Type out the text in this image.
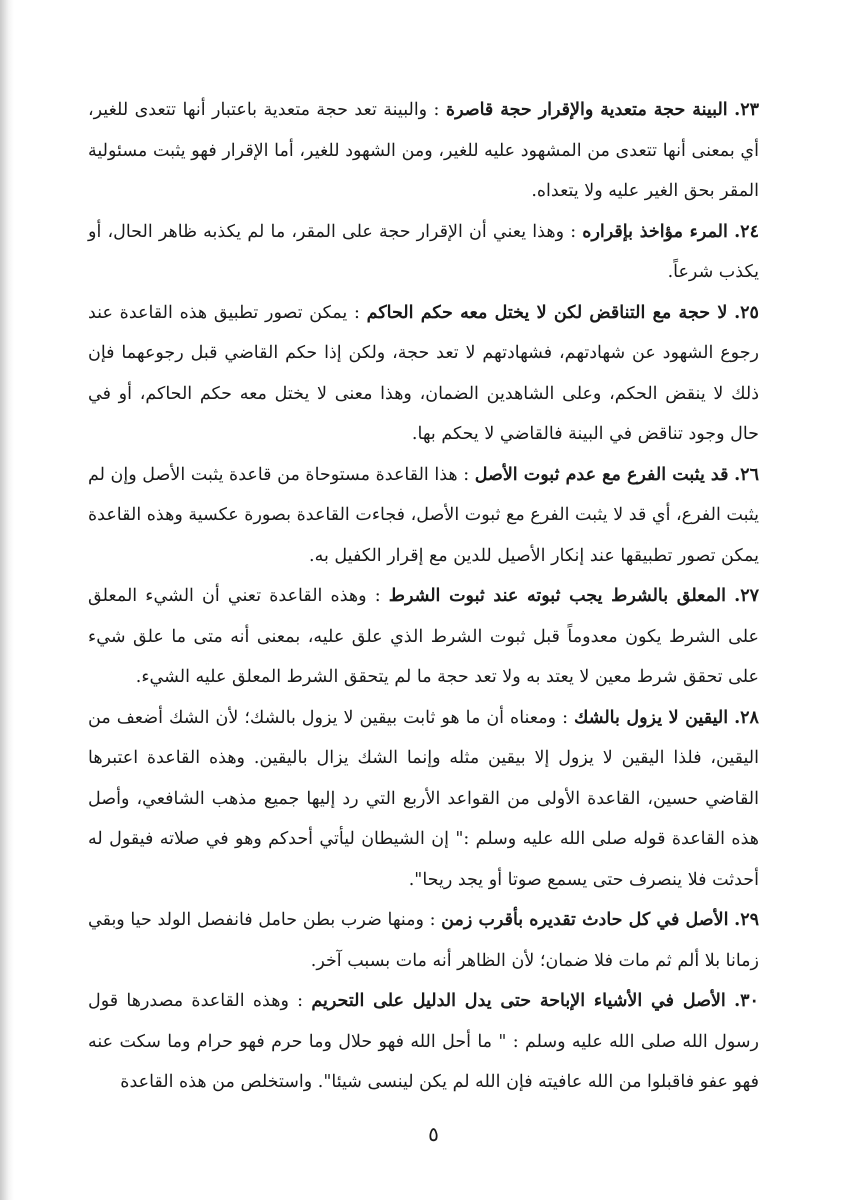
٢٣. البينة حجة متعدية والإقرار حجة قاصرة : والبينة تعد حجة متعدية باعتبار أنها تتعدى للغير، أي بمعنى أنها تتعدى من المشهود عليه للغير، ومن الشهود للغير، أما الإقرار فهو يثبت مسئولية المقر بحق الغير عليه ولا يتعداه.

٢٤. المرء مؤاخذ بإقراره : وهذا يعني أن الإقرار حجة على المقر، ما لم يكذبه ظاهر الحال، أو يكذب شرعاً.

٢٥. لا حجة مع التناقض لكن لا يختل معه حكم الحاكم : يمكن تصور تطبيق هذه القاعدة عند رجوع الشهود عن شهادتهم، فشهادتهم لا تعد حجة، ولكن إذا حكم القاضي قبل رجوعهما فإن ذلك لا ينقض الحكم، وعلى الشاهدين الضمان، وهذا معنى لا يختل معه حكم الحاكم، أو في حال وجود تناقض في البينة فالقاضي لا يحكم بها.

٢٦. قد يثبت الفرع مع عدم ثبوت الأصل : هذا القاعدة مستوحاة من قاعدة يثبت الأصل وإن لم يثبت الفرع، أي قد لا يثبت الفرع مع ثبوت الأصل، فجاءت القاعدة بصورة عكسية وهذه القاعدة يمكن تصور تطبيقها عند إنكار الأصيل للدين مع إقرار الكفيل به.

٢٧. المعلق بالشرط يجب ثبوته عند ثبوت الشرط : وهذه القاعدة تعني أن الشيء المعلق على الشرط يكون معدوماً قبل ثبوت الشرط الذي علق عليه، بمعنى أنه متى ما علق شيء على تحقق شرط معين لا يعتد به ولا تعد حجة ما لم يتحقق الشرط المعلق عليه الشيء.

٢٨. اليقين لا يزول بالشك : ومعناه أن ما هو ثابت بيقين لا يزول بالشك؛ لأن الشك أضعف من اليقين، فلذا اليقين لا يزول إلا بيقين مثله وإنما الشك يزال باليقين. وهذه القاعدة اعتبرها القاضي حسين، القاعدة الأولى من القواعد الأربع التي رد إليها جميع مذهب الشافعي، وأصل هذه القاعدة قوله صلى الله عليه وسلم :" إن الشيطان ليأتي أحدكم وهو في صلاته فيقول له أحدثت فلا ينصرف حتى يسمع صوتا أو يجد ريحا".

٢٩. الأصل في كل حادث تقديره بأقرب زمن : ومنها ضرب بطن حامل فانفصل الولد حيا وبقي زمانا بلا ألم ثم مات فلا ضمان؛ لأن الظاهر أنه مات بسبب آخر.

٣٠. الأصل في الأشياء الإباحة حتى يدل الدليل على التحريم : وهذه القاعدة مصدرها قول رسول الله صلى الله عليه وسلم : " ما أحل الله فهو حلال وما حرم فهو حرام وما سكت عنه فهو عفو فاقبلوا من الله عافيته فإن الله لم يكن لينسى شيئا". واستخلص من هذه القاعدة

٥
